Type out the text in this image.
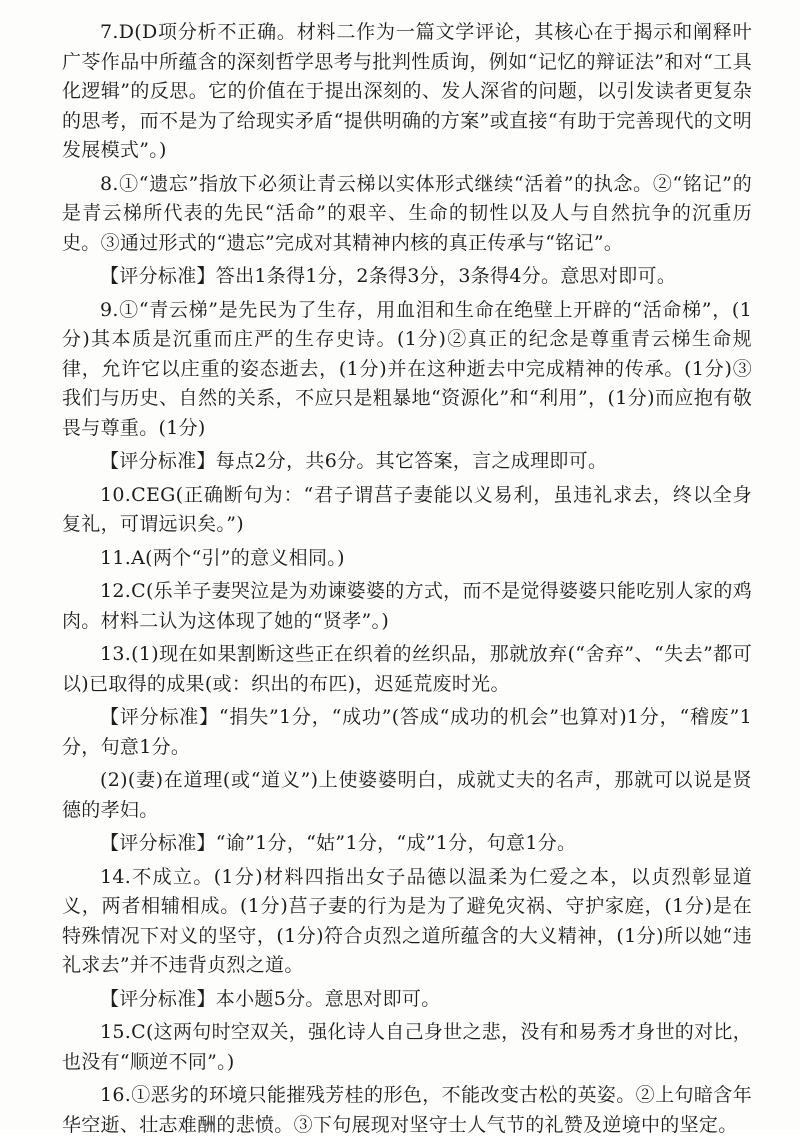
7.D(D项分析不正确。材料二作为一篇文学评论，其核心在于揭示和阐释叶广苓作品中所蕴含的深刻哲学思考与批判性质询，例如“记忆的辩证法”和对“工具化逻辑”的反思。它的价值在于提出深刻的、发人深省的问题，以引发读者更复杂的思考，而不是为了给现实矛盾“提供明确的方案”或直接“有助于完善现代的文明发展模式”。)

8.①“遗忘”指放下必须让青云梯以实体形式继续“活着”的执念。②“铭记”的是青云梯所代表的先民“活命”的艰辛、生命的韧性以及人与自然抗争的沉重历史。③通过形式的“遗忘”完成对其精神内核的真正传承与“铭记”。

【评分标准】答出1条得1分，2条得3分，3条得4分。意思对即可。

9.①“青云梯”是先民为了生存，用血泪和生命在绝壁上开辟的“活命梯”，(1分)其本质是沉重而庄严的生存史诗。(1分)②真正的纪念是尊重青云梯生命规律，允许它以庄重的姿态逝去，(1分)并在这种逝去中完成精神的传承。(1分)③我们与历史、自然的关系，不应只是粗暴地“资源化”和“利用”，(1分)而应抱有敬畏与尊重。(1分)

【评分标准】每点2分，共6分。其它答案，言之成理即可。

10.CEG(正确断句为：“君子谓莒子妻能以义易利，虽违礼求去，终以全身复礼，可谓远识矣。”)

11.A(两个“引”的意义相同。)

12.C(乐羊子妻哭泣是为劝谏婆婆的方式，而不是觉得婆婆只能吃别人家的鸡肉。材料二认为这体现了她的“贤孝”。)

13.(1)现在如果割断这些正在织着的丝织品，那就放弃(“舍弃”、“失去”都可以)已取得的成果(或：织出的布匹)，迟延荒废时光。

【评分标准】“捐失”1分，“成功”(答成“成功的机会”也算对)1分，“稽废”1分，句意1分。

(2)(妻)在道理(或“道义”)上使婆婆明白，成就丈夫的名声，那就可以说是贤德的孝妇。

【评分标准】“谕”1分，“姑”1分，“成”1分，句意1分。

14.不成立。(1分)材料四指出女子品德以温柔为仁爱之本，以贞烈彰显道义，两者相辅相成。(1分)莒子妻的行为是为了避免灾祸、守护家庭，(1分)是在特殊情况下对义的坚守，(1分)符合贞烈之道所蕴含的大义精神，(1分)所以她“违礼求去”并不违背贞烈之道。

【评分标准】本小题5分。意思对即可。

15.C(这两句时空双关，强化诗人自己身世之悲，没有和易秀才身世的对比，也没有“顺逆不同”。)

16.①恶劣的环境只能摧残芳桂的形色，不能改变古松的英姿。②上句暗含年华空逝、壮志难酬的悲愤。③下句展现对坚守士人气节的礼赞及逆境中的坚定。
